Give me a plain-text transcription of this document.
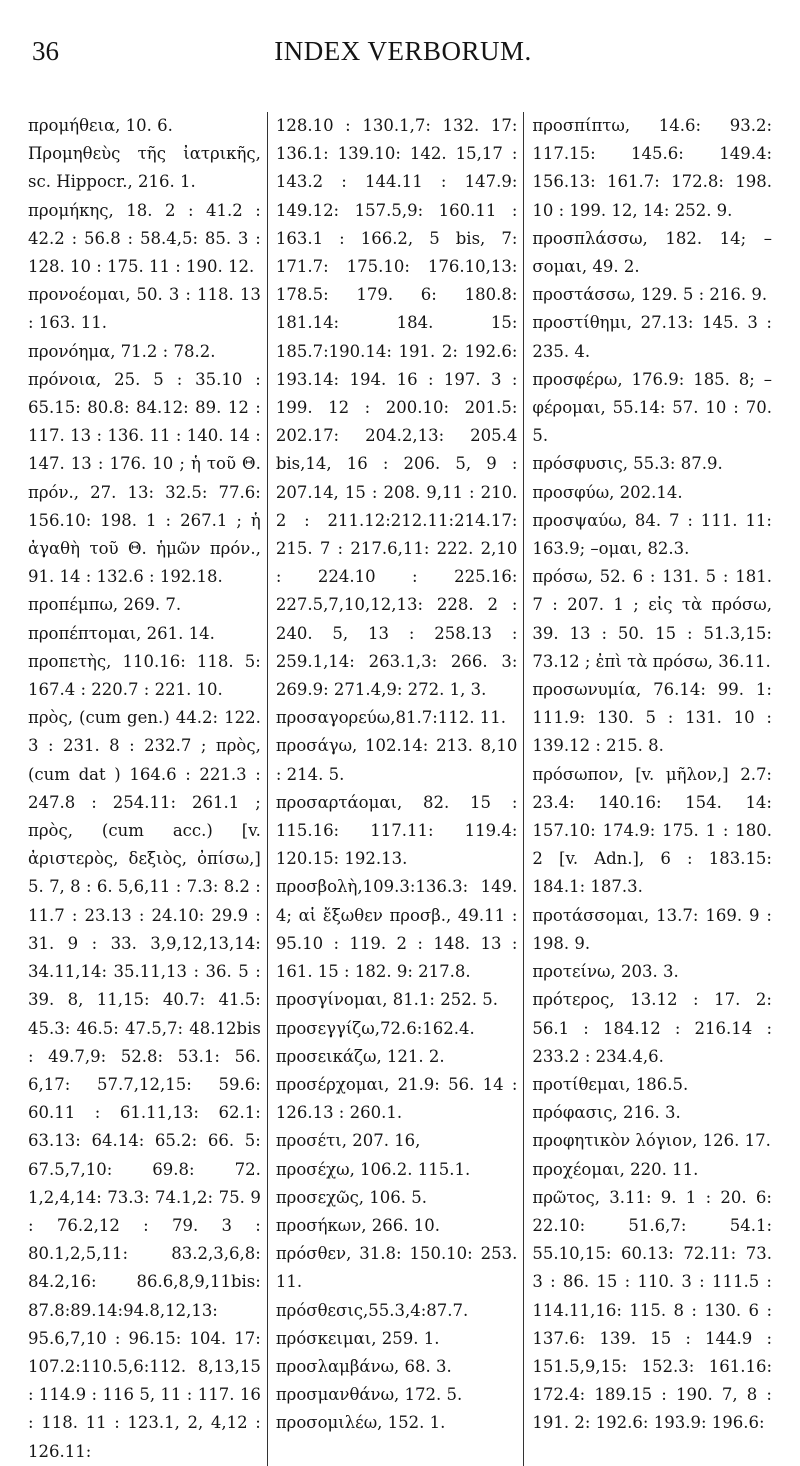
36	INDEX VERBORUM.
προμήθεια, 10. 6.
Προμηθεὺς τῆς ἰατρικῆς, sc. Hippocr., 216. 1.
προμήκης, 18. 2 : 41.2 : 42.2 : 56.8 : 58.4,5: 85. 3 : 128. 10 : 175. 11 : 190. 12.
προνοέομαι, 50. 3 : 118. 13 : 163. 11.
προνόημα, 71.2 : 78.2.
πρόνοια, 25. 5 : 35.10 : 65.15: 80.8: 84.12: 89. 12 : 117. 13 : 136. 11 : 140. 14 : 147. 13 : 176. 10 ; ἡ τοῦ Θ. πρόν., 27. 13: 32.5: 77.6: 156.10: 198. 1 : 267.1 ; ἡ ἀγαθὴ τοῦ Θ. ἡμῶν πρόν., 91. 14 : 132.6 : 192.18.
προπέμπω, 269. 7.
προπέπτομαι, 261. 14.
προπετὴς, 110.16: 118. 5: 167.4 : 220.7 : 221. 10.
πρὸς, (cum gen.) 44.2: 122. 3 : 231. 8 : 232.7 ; πρὸς, (cum dat ) 164.6 : 221.3 : 247.8 : 254.11: 261.1 ; πρὸς, (cum acc.) [v. ἀριστερὸς, δεξιὸς, ὀπίσω,] 5. 7, 8 : 6. 5,6,11 : 7.3: 8.2 : 11.7 : 23.13 : 24.10: 29.9 : 31. 9 : 33. 3,9,12,13,14: 34.11,14: 35.11,13 : 36. 5 : 39. 8, 11,15: 40.7: 41.5: 45.3: 46.5: 47.5,7: 48.12bis : 49.7,9: 52.8: 53.1: 56. 6,17: 57.7,12,15: 59.6: 60.11 : 61.11,13: 62.1: 63.13: 64.14: 65.2: 66. 5: 67.5,7,10: 69.8: 72. 1,2,4,14: 73.3: 74.1,2: 75. 9 : 76.2,12 : 79. 3 : 80.1,2,5,11: 83.2,3,6,8: 84.2,16: 86.6,8,9,11bis: 87.8:89.14:94.8,12,13: 95.6,7,10 : 96.15: 104. 17: 107.2:110.5,6:112. 8,13,15 : 114.9 : 116 5, 11 : 117. 16 : 118. 11 : 123.1, 2, 4,12 : 126.11:
128.10 : 130.1,7: 132. 17: 136.1: 139.10: 142. 15,17 : 143.2 : 144.11 : 147.9: 149.12: 157.5,9: 160.11 : 163.1 : 166.2, 5 bis, 7: 171.7: 175.10: 176.10,13: 178.5: 179. 6: 180.8: 181.14: 184. 15: 185.7:190.14: 191. 2: 192.6: 193.14: 194. 16 : 197. 3 : 199. 12 : 200.10: 201.5: 202.17: 204.2,13: 205.4 bis,14, 16 : 206. 5, 9 : 207.14, 15 : 208. 9,11 : 210. 2 : 211.12:212.11:214.17: 215. 7 : 217.6,11: 222. 2,10 : 224.10 : 225.16: 227.5,7,10,12,13: 228. 2 : 240. 5, 13 : 258.13 : 259.1,14: 263.1,3: 266. 3: 269.9: 271.4,9: 272. 1, 3.
προσαγορεύω,81.7:112. 11.
προσάγω, 102.14: 213. 8,10 : 214. 5.
προσαρτάομαι, 82. 15 : 115.16: 117.11: 119.4: 120.15: 192.13.
προσβολὴ,109.3:136.3: 149. 4; αἱ ἔξωθεν προσβ., 49.11 : 95.10 : 119. 2 : 148. 13 : 161. 15 : 182. 9: 217.8.
προσγίνομαι, 81.1: 252. 5.
προσεγγίζω,72.6:162.4.
προσεικάζω, 121. 2.
προσέρχομαι, 21.9: 56. 14 : 126.13 : 260.1.
προσέτι, 207. 16,
προσέχω, 106.2. 115.1.
προσεχῶς, 106. 5.
προσήκων, 266. 10.
πρόσθεν, 31.8: 150.10: 253. 11.
πρόσθεσις,55.3,4:87.7.
πρόσκειμαι, 259. 1.
προσλαμβάνω, 68. 3.
προσμανθάνω, 172. 5.
προσομιλέω, 152. 1.
προσπίπτω, 14.6: 93.2: 117.15: 145.6: 149.4: 156.13: 161.7: 172.8: 198. 10 : 199. 12, 14: 252. 9.
προσπλάσσω, 182. 14; –σομαι, 49. 2.
προστάσσω, 129. 5 : 216. 9.
προστίθημι, 27.13: 145. 3 : 235. 4.
προσφέρω, 176.9: 185. 8; –φέρομαι, 55.14: 57. 10 : 70. 5.
πρόσφυσις, 55.3: 87.9.
προσφύω, 202.14.
προσψαύω, 84. 7 : 111. 11: 163.9; –ομαι, 82.3.
πρόσω, 52. 6 : 131. 5 : 181. 7 : 207. 1 ; εἰς τὰ πρόσω, 39. 13 : 50. 15 : 51.3,15: 73.12 ; ἐπὶ τὰ πρόσω, 36.11.
προσωνυμία, 76.14: 99. 1: 111.9: 130. 5 : 131. 10 : 139.12 : 215. 8.
πρόσωπον, [v. μῆλον,] 2.7: 23.4: 140.16: 154. 14: 157.10: 174.9: 175. 1 : 180. 2 [v. Adn.], 6 : 183.15: 184.1: 187.3.
προτάσσομαι, 13.7: 169. 9 : 198. 9.
προτείνω, 203. 3.
πρότερος, 13.12 : 17. 2: 56.1 : 184.12 : 216.14 : 233.2 : 234.4,6.
προτίθεμαι, 186.5.
πρόφασις, 216. 3.
προφητικὸν λόγιον, 126. 17.
προχέομαι, 220. 11.
πρῶτος, 3.11: 9. 1 : 20. 6: 22.10: 51.6,7: 54.1: 55.10,15: 60.13: 72.11: 73. 3 : 86. 15 : 110. 3 : 111.5 : 114.11,16: 115. 8 : 130. 6 : 137.6: 139. 15 : 144.9 : 151.5,9,15: 152.3: 161.16: 172.4: 189.15 : 190. 7, 8 : 191. 2: 192.6: 193.9: 196.6:
